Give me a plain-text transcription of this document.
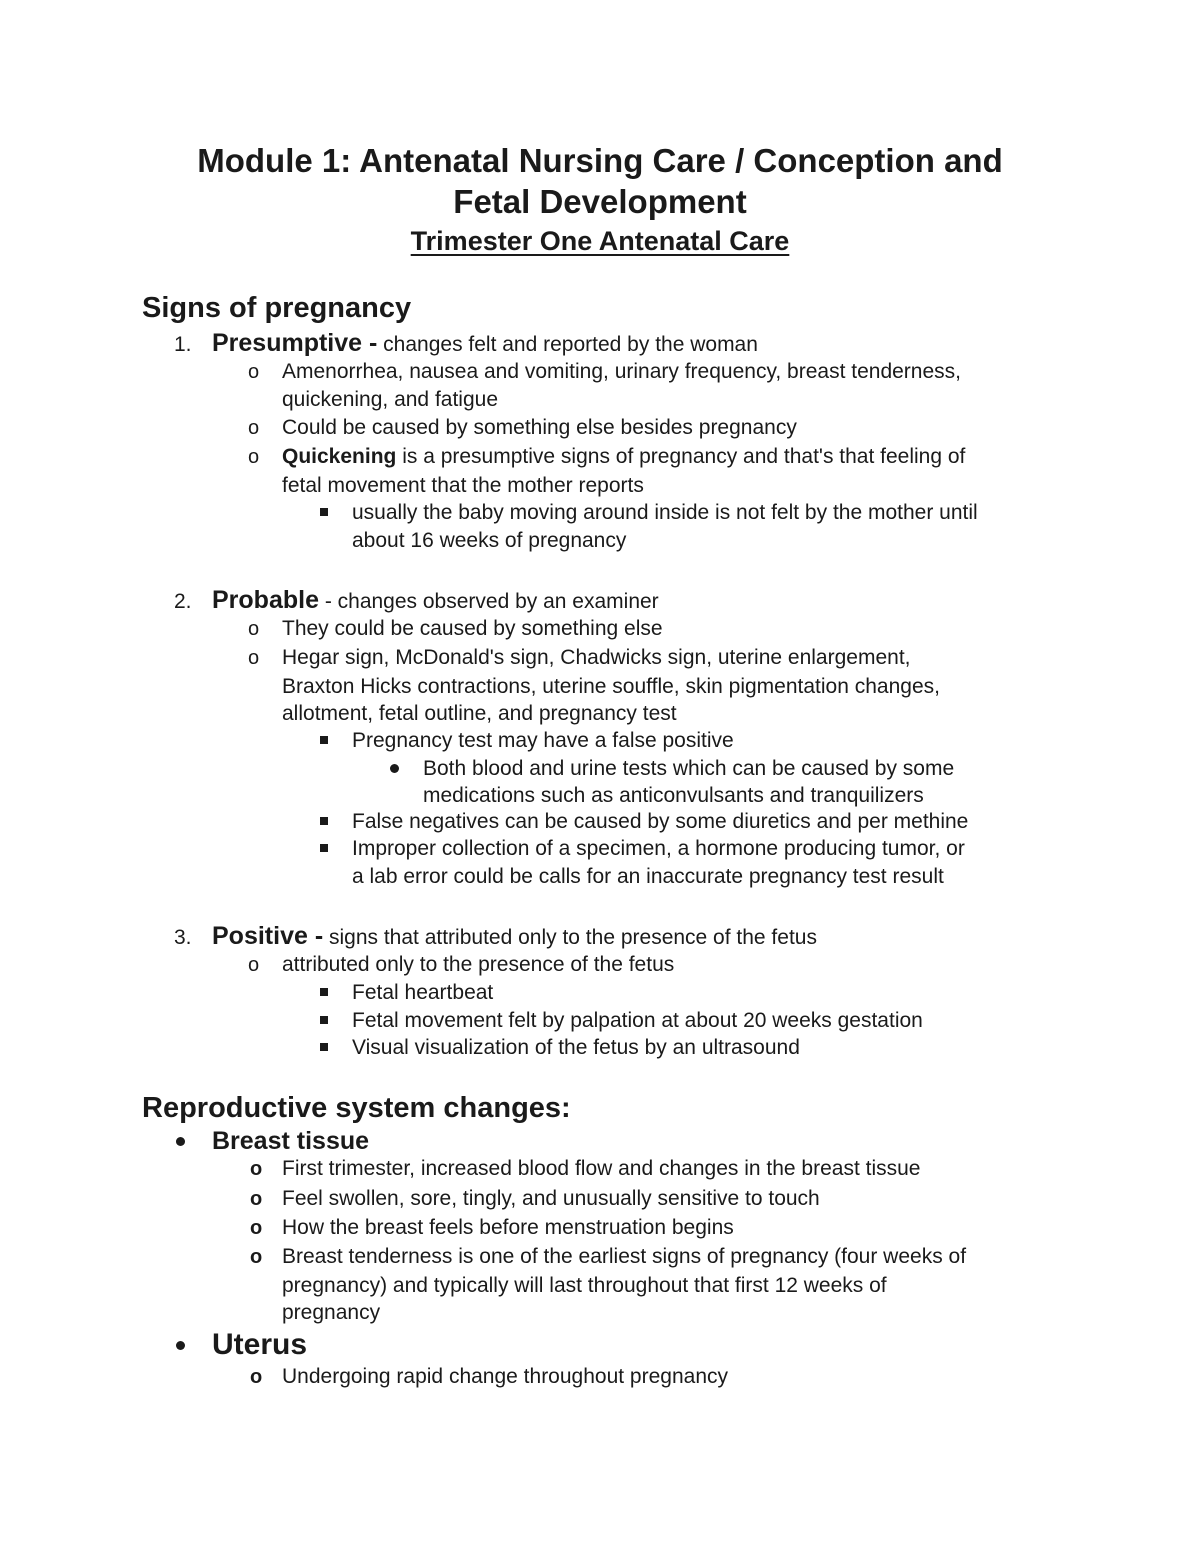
Module 1: Antenatal Nursing Care / Conception and
Fetal Development
Trimester One Antenatal Care
Signs of pregnancy
1. Presumptive - changes felt and reported by the woman
o Amenorrhea, nausea and vomiting, urinary frequency, breast tenderness,
quickening, and fatigue
o Could be caused by something else besides pregnancy
o Quickening is a presumptive signs of pregnancy and that's that feeling of
fetal movement that the mother reports
usually the baby moving around inside is not felt by the mother until
about 16 weeks of pregnancy
2. Probable - changes observed by an examiner
o They could be caused by something else
o Hegar sign, McDonald's sign, Chadwicks sign, uterine enlargement,
Braxton Hicks contractions, uterine souffle, skin pigmentation changes,
allotment, fetal outline, and pregnancy test
Pregnancy test may have a false positive
Both blood and urine tests which can be caused by some
medications such as anticonvulsants and tranquilizers
False negatives can be caused by some diuretics and per methine
Improper collection of a specimen, a hormone producing tumor, or
a lab error could be calls for an inaccurate pregnancy test result
3. Positive - signs that attributed only to the presence of the fetus
o attributed only to the presence of the fetus
Fetal heartbeat
Fetal movement felt by palpation at about 20 weeks gestation
Visual visualization of the fetus by an ultrasound
Reproductive system changes:
Breast tissue
o First trimester, increased blood flow and changes in the breast tissue
o Feel swollen, sore, tingly, and unusually sensitive to touch
o How the breast feels before menstruation begins
o Breast tenderness is one of the earliest signs of pregnancy (four weeks of
pregnancy) and typically will last throughout that first 12 weeks of
pregnancy
Uterus
o Undergoing rapid change throughout pregnancy
